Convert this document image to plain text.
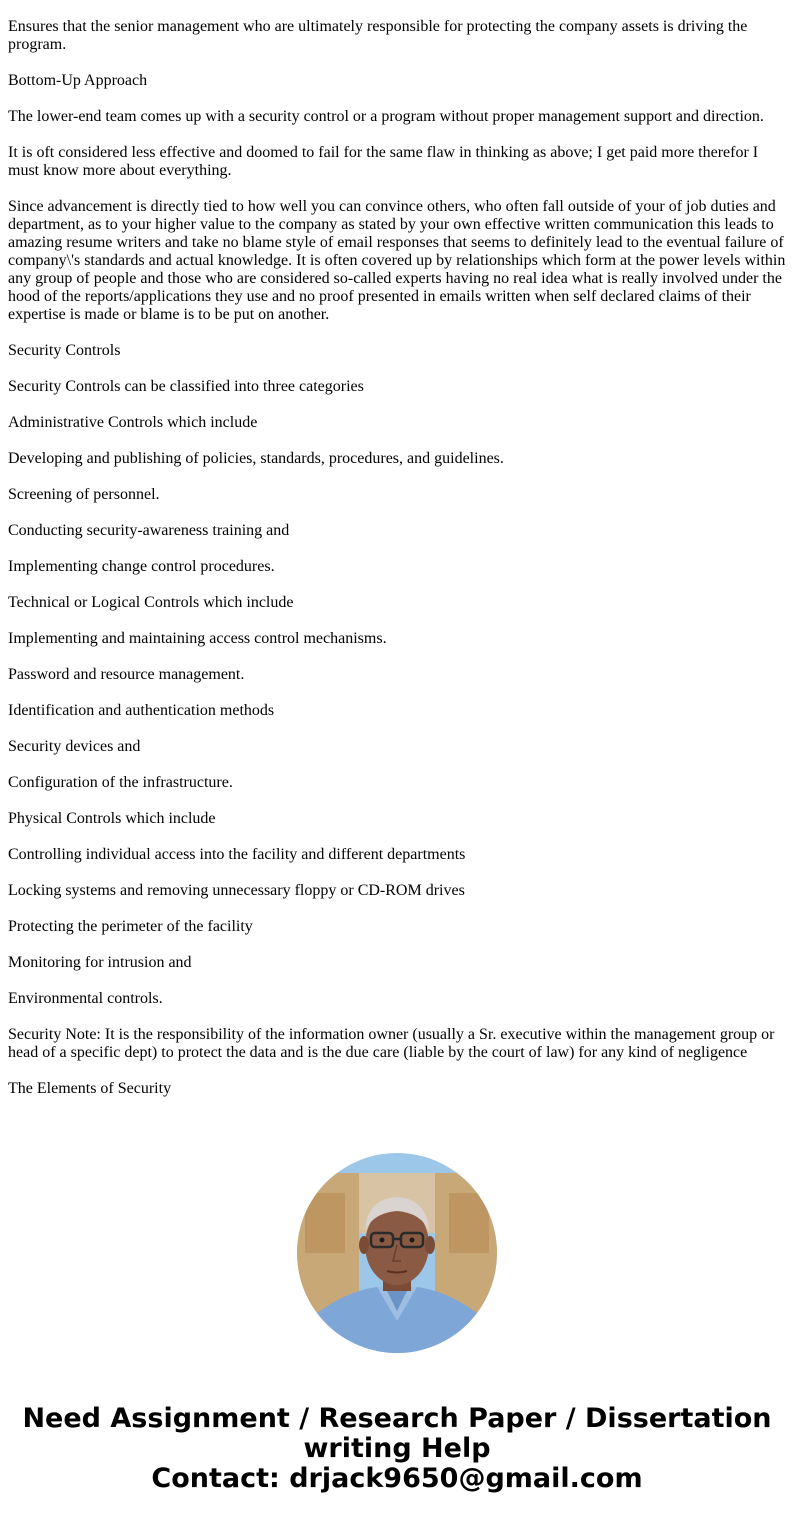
Ensures that the senior management who are ultimately responsible for protecting the company assets is driving the program.

Bottom-Up Approach

The lower-end team comes up with a security control or a program without proper management support and direction.

It is oft considered less effective and doomed to fail for the same flaw in thinking as above; I get paid more therefor I must know more about everything.

Since advancement is directly tied to how well you can convince others, who often fall outside of your of job duties and department, as to your higher value to the company as stated by your own effective written communication this leads to amazing resume writers and take no blame style of email responses that seems to definitely lead to the eventual failure of company\'s standards and actual knowledge. It is often covered up by relationships which form at the power levels within any group of people and those who are considered so-called experts having no real idea what is really involved under the hood of the reports/applications they use and no proof presented in emails written when self declared claims of their expertise is made or blame is to be put on another.

Security Controls

Security Controls can be classified into three categories

Administrative Controls which include

Developing and publishing of policies, standards, procedures, and guidelines.

Screening of personnel.

Conducting security-awareness training and

Implementing change control procedures.

Technical or Logical Controls which include

Implementing and maintaining access control mechanisms.

Password and resource management.

Identification and authentication methods

Security devices and

Configuration of the infrastructure.

Physical Controls which include

Controlling individual access into the facility and different departments

Locking systems and removing unnecessary floppy or CD-ROM drives

Protecting the perimeter of the facility

Monitoring for intrusion and

Environmental controls.

Security Note: It is the responsibility of the information owner (usually a Sr. executive within the management group or head of a specific dept) to protect the data and is the due care (liable by the court of law) for any kind of negligence

The Elements of Security

Need Assignment / Research Paper / Dissertation
writing Help
Contact: drjack9650@gmail.com
